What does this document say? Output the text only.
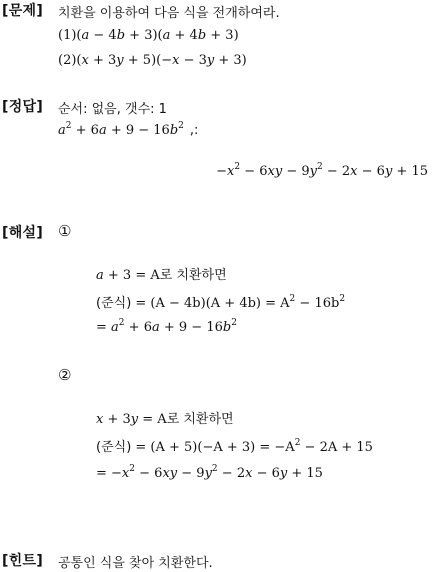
[문제] 치환을 이용하여 다음 식을 전개하여라.
(1)(a − 4b + 3)(a + 4b + 3)
(2)(x + 3y + 5)(−x − 3y + 3)
[정답] 순서: 없음, 갯수: 1
$a^2 + 6a + 9 - 16b^2$ ,:
$-x^2 - 6xy - 9y^2 - 2x - 6y + 15$
[해설] ①
a + 3 = A로 치환하면
(준식) = $(A - 4b)(A + 4b) = A^2 - 16b^2$
= $a^2 + 6a + 9 - 16b^2$
②
x + 3y = A로 치환하면
(준식) = $(A + 5)(-A + 3) = -A^2 - 2A + 15$
= $-x^2 - 6xy - 9y^2 - 2x - 6y + 15$
[힌트] 공통인 식을 찾아 치환한다.
